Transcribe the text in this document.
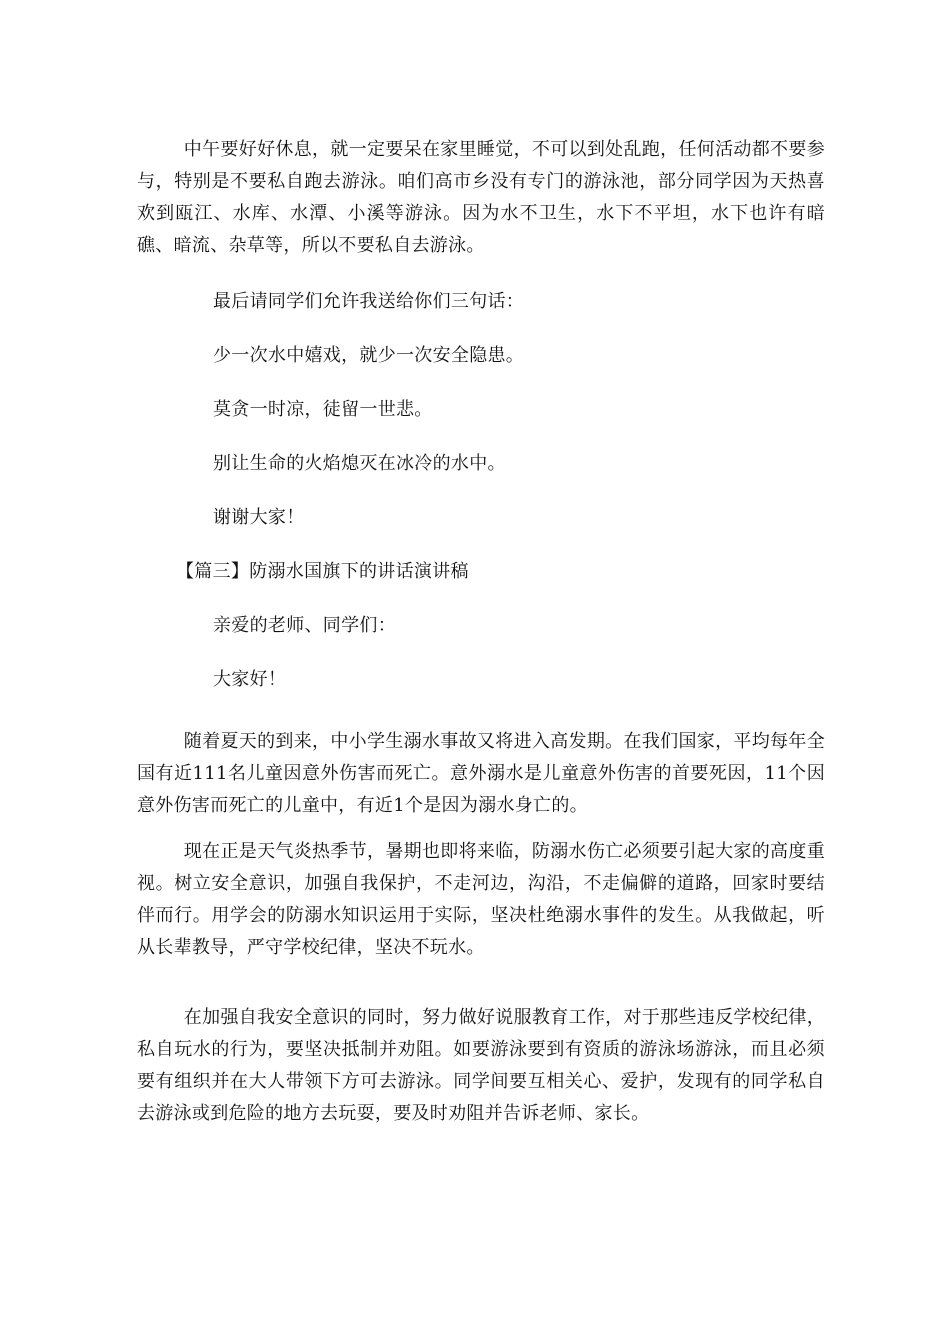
中午要好好休息，就一定要呆在家里睡觉，不可以到处乱跑，任何活动都不要参与，特别是不要私自跑去游泳。咱们高市乡没有专门的游泳池，部分同学因为天热喜欢到瓯江、水库、水潭、小溪等游泳。因为水不卫生，水下不平坦，水下也许有暗礁、暗流、杂草等，所以不要私自去游泳。

最后请同学们允许我送给你们三句话：

少一次水中嬉戏，就少一次安全隐患。

莫贪一时凉，徒留一世悲。

别让生命的火焰熄灭在冰冷的水中。

谢谢大家！

【篇三】防溺水国旗下的讲话演讲稿

亲爱的老师、同学们：

大家好！

随着夏天的到来，中小学生溺水事故又将进入高发期。在我们国家，平均每年全国有近111名儿童因意外伤害而死亡。意外溺水是儿童意外伤害的首要死因，11个因意外伤害而死亡的儿童中，有近1个是因为溺水身亡的。

现在正是天气炎热季节，暑期也即将来临，防溺水伤亡必须要引起大家的高度重视。树立安全意识，加强自我保护，不走河边，沟沿，不走偏僻的道路，回家时要结伴而行。用学会的防溺水知识运用于实际，坚决杜绝溺水事件的发生。从我做起，听从长辈教导，严守学校纪律，坚决不玩水。

在加强自我安全意识的同时，努力做好说服教育工作，对于那些违反学校纪律，私自玩水的行为，要坚决抵制并劝阻。如要游泳要到有资质的游泳场游泳，而且必须要有组织并在大人带领下方可去游泳。同学间要互相关心、爱护，发现有的同学私自去游泳或到危险的地方去玩耍，要及时劝阻并告诉老师、家长。
